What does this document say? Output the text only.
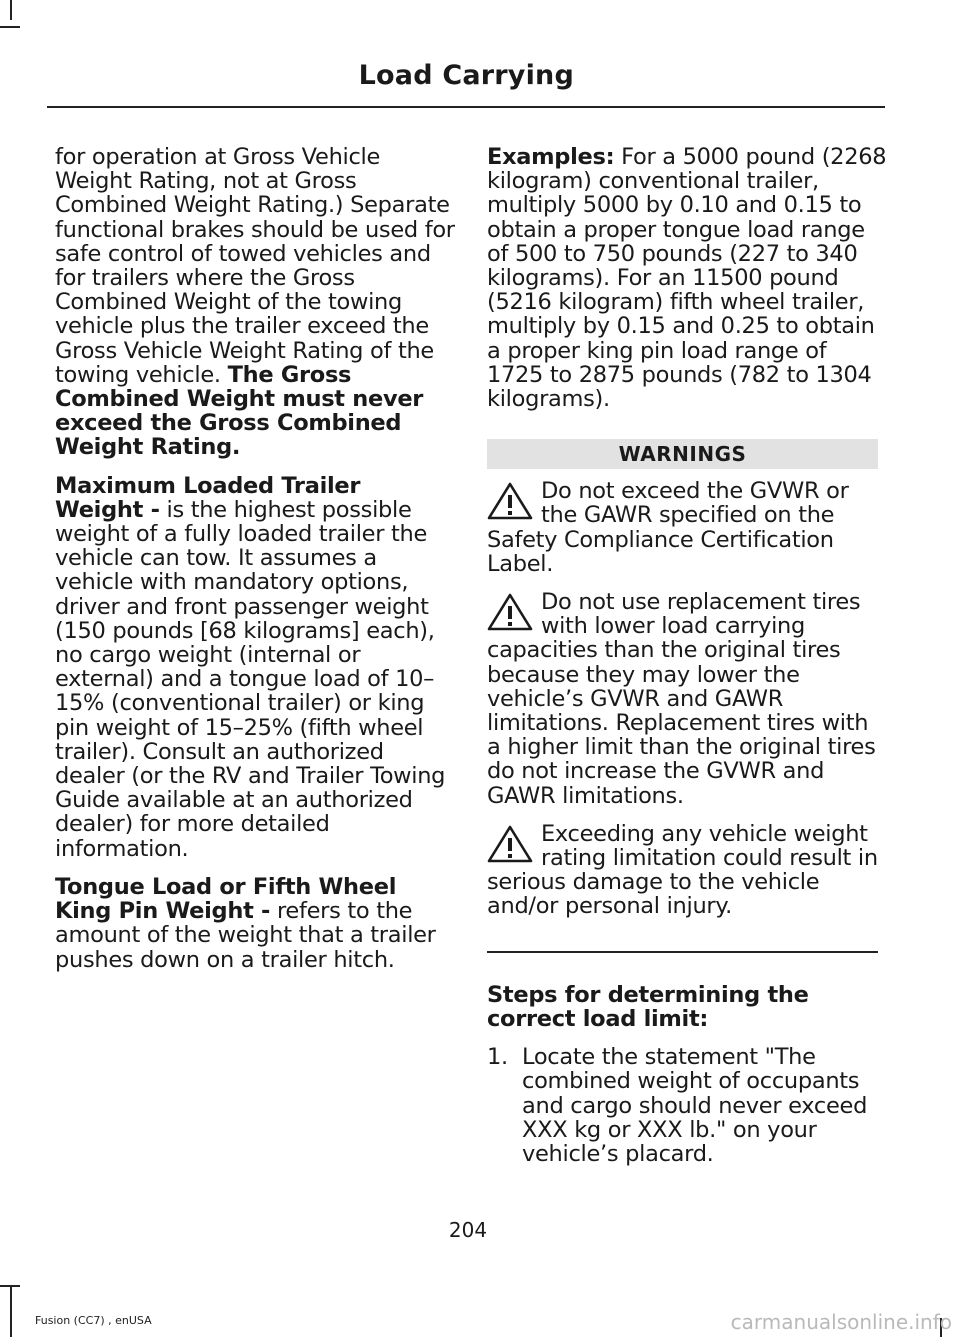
Load Carrying

for operation at Gross Vehicle Weight Rating, not at Gross Combined Weight Rating.) Separate functional brakes should be used for safe control of towed vehicles and for trailers where the Gross Combined Weight of the towing vehicle plus the trailer exceed the Gross Vehicle Weight Rating of the towing vehicle. The Gross Combined Weight must never exceed the Gross Combined Weight Rating.

Maximum Loaded Trailer Weight - is the highest possible weight of a fully loaded trailer the vehicle can tow. It assumes a vehicle with mandatory options, driver and front passenger weight (150 pounds [68 kilograms] each), no cargo weight (internal or external) and a tongue load of 10–15% (conventional trailer) or king pin weight of 15–25% (fifth wheel trailer). Consult an authorized dealer (or the RV and Trailer Towing Guide available at an authorized dealer) for more detailed information.

Tongue Load or Fifth Wheel King Pin Weight - refers to the amount of the weight that a trailer pushes down on a trailer hitch.

Examples: For a 5000 pound (2268 kilogram) conventional trailer, multiply 5000 by 0.10 and 0.15 to obtain a proper tongue load range of 500 to 750 pounds (227 to 340 kilograms). For an 11500 pound (5216 kilogram) fifth wheel trailer, multiply by 0.15 and 0.25 to obtain a proper king pin load range of 1725 to 2875 pounds (782 to 1304 kilograms).

WARNINGS
Do not exceed the GVWR or the GAWR specified on the Safety Compliance Certification Label.
Do not use replacement tires with lower load carrying capacities than the original tires because they may lower the vehicle’s GVWR and GAWR limitations. Replacement tires with a higher limit than the original tires do not increase the GVWR and GAWR limitations.
Exceeding any vehicle weight rating limitation could result in serious damage to the vehicle and/or personal injury.
Steps for determining the correct load limit:
1. Locate the statement "The combined weight of occupants and cargo should never exceed XXX kg or XXX lb." on your vehicle’s placard.
204
Fusion (CC7) , enUSA	carmanualsonline.info
